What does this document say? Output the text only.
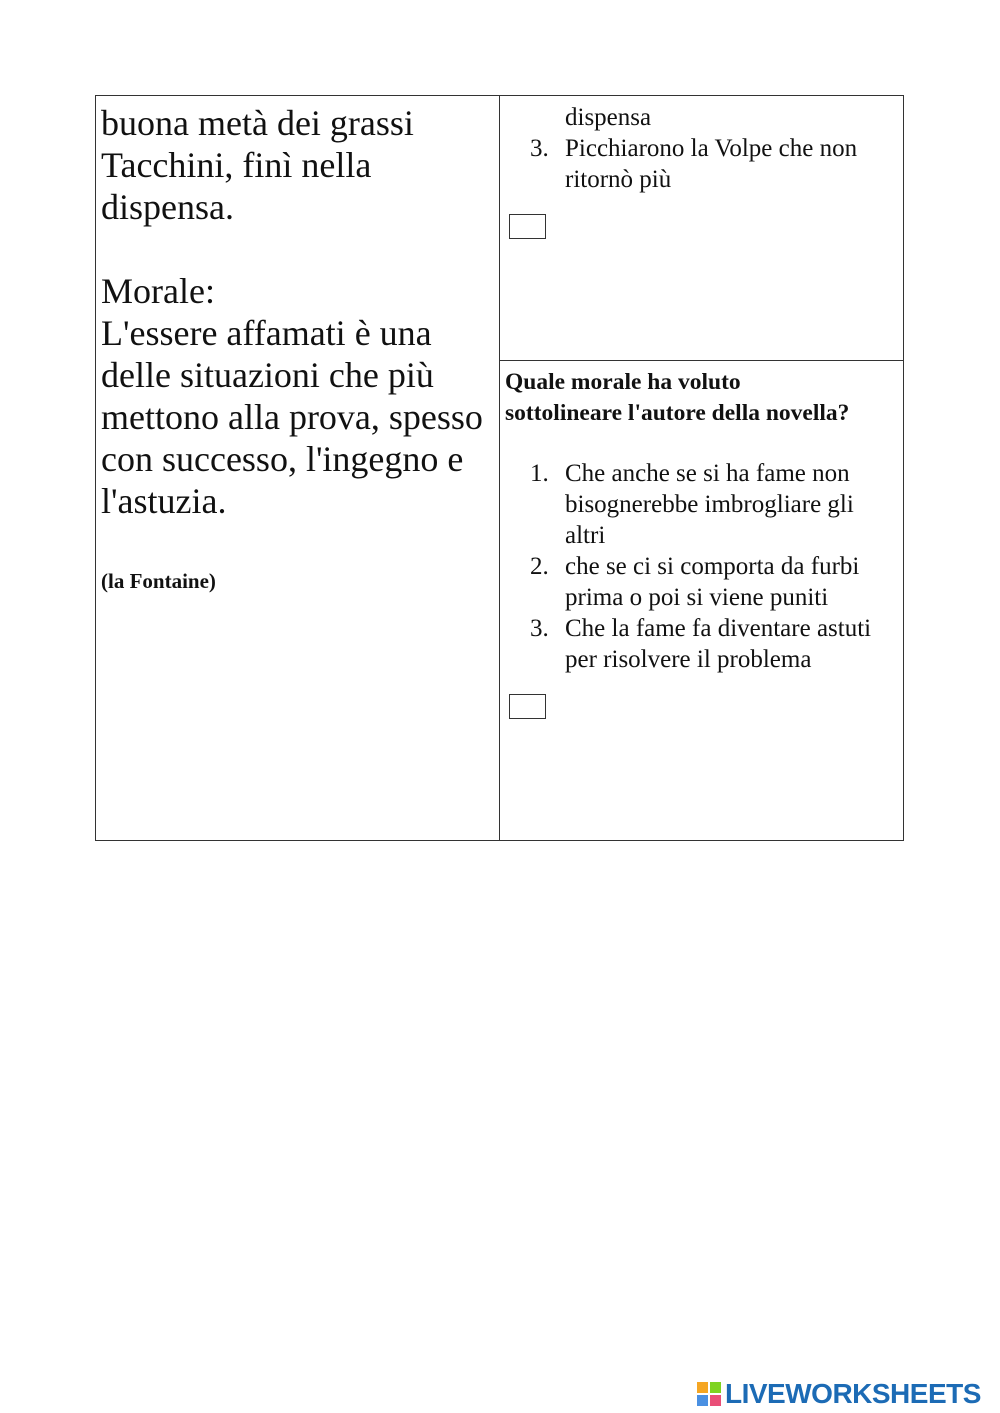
buona metà dei grassi
Tacchini, finì nella
dispensa.
Morale:
L'essere affamati è una
delle situazioni che più
mettono alla prova, spesso
con successo, l'ingegno e
l'astuzia.

(la Fontaine)

dispensa

3. Picchiarono la Volpe che non
ritornò più
Quale morale ha voluto
sottolineare l'autore della novella?
1. Che anche se si ha fame non
bisognerebbe imbrogliare gli
altri
2. che se ci si comporta da furbi
prima o poi si viene puniti
3. Che la fame fa diventare astuti
per risolvere il problema
LIVEWORKSHEETS
